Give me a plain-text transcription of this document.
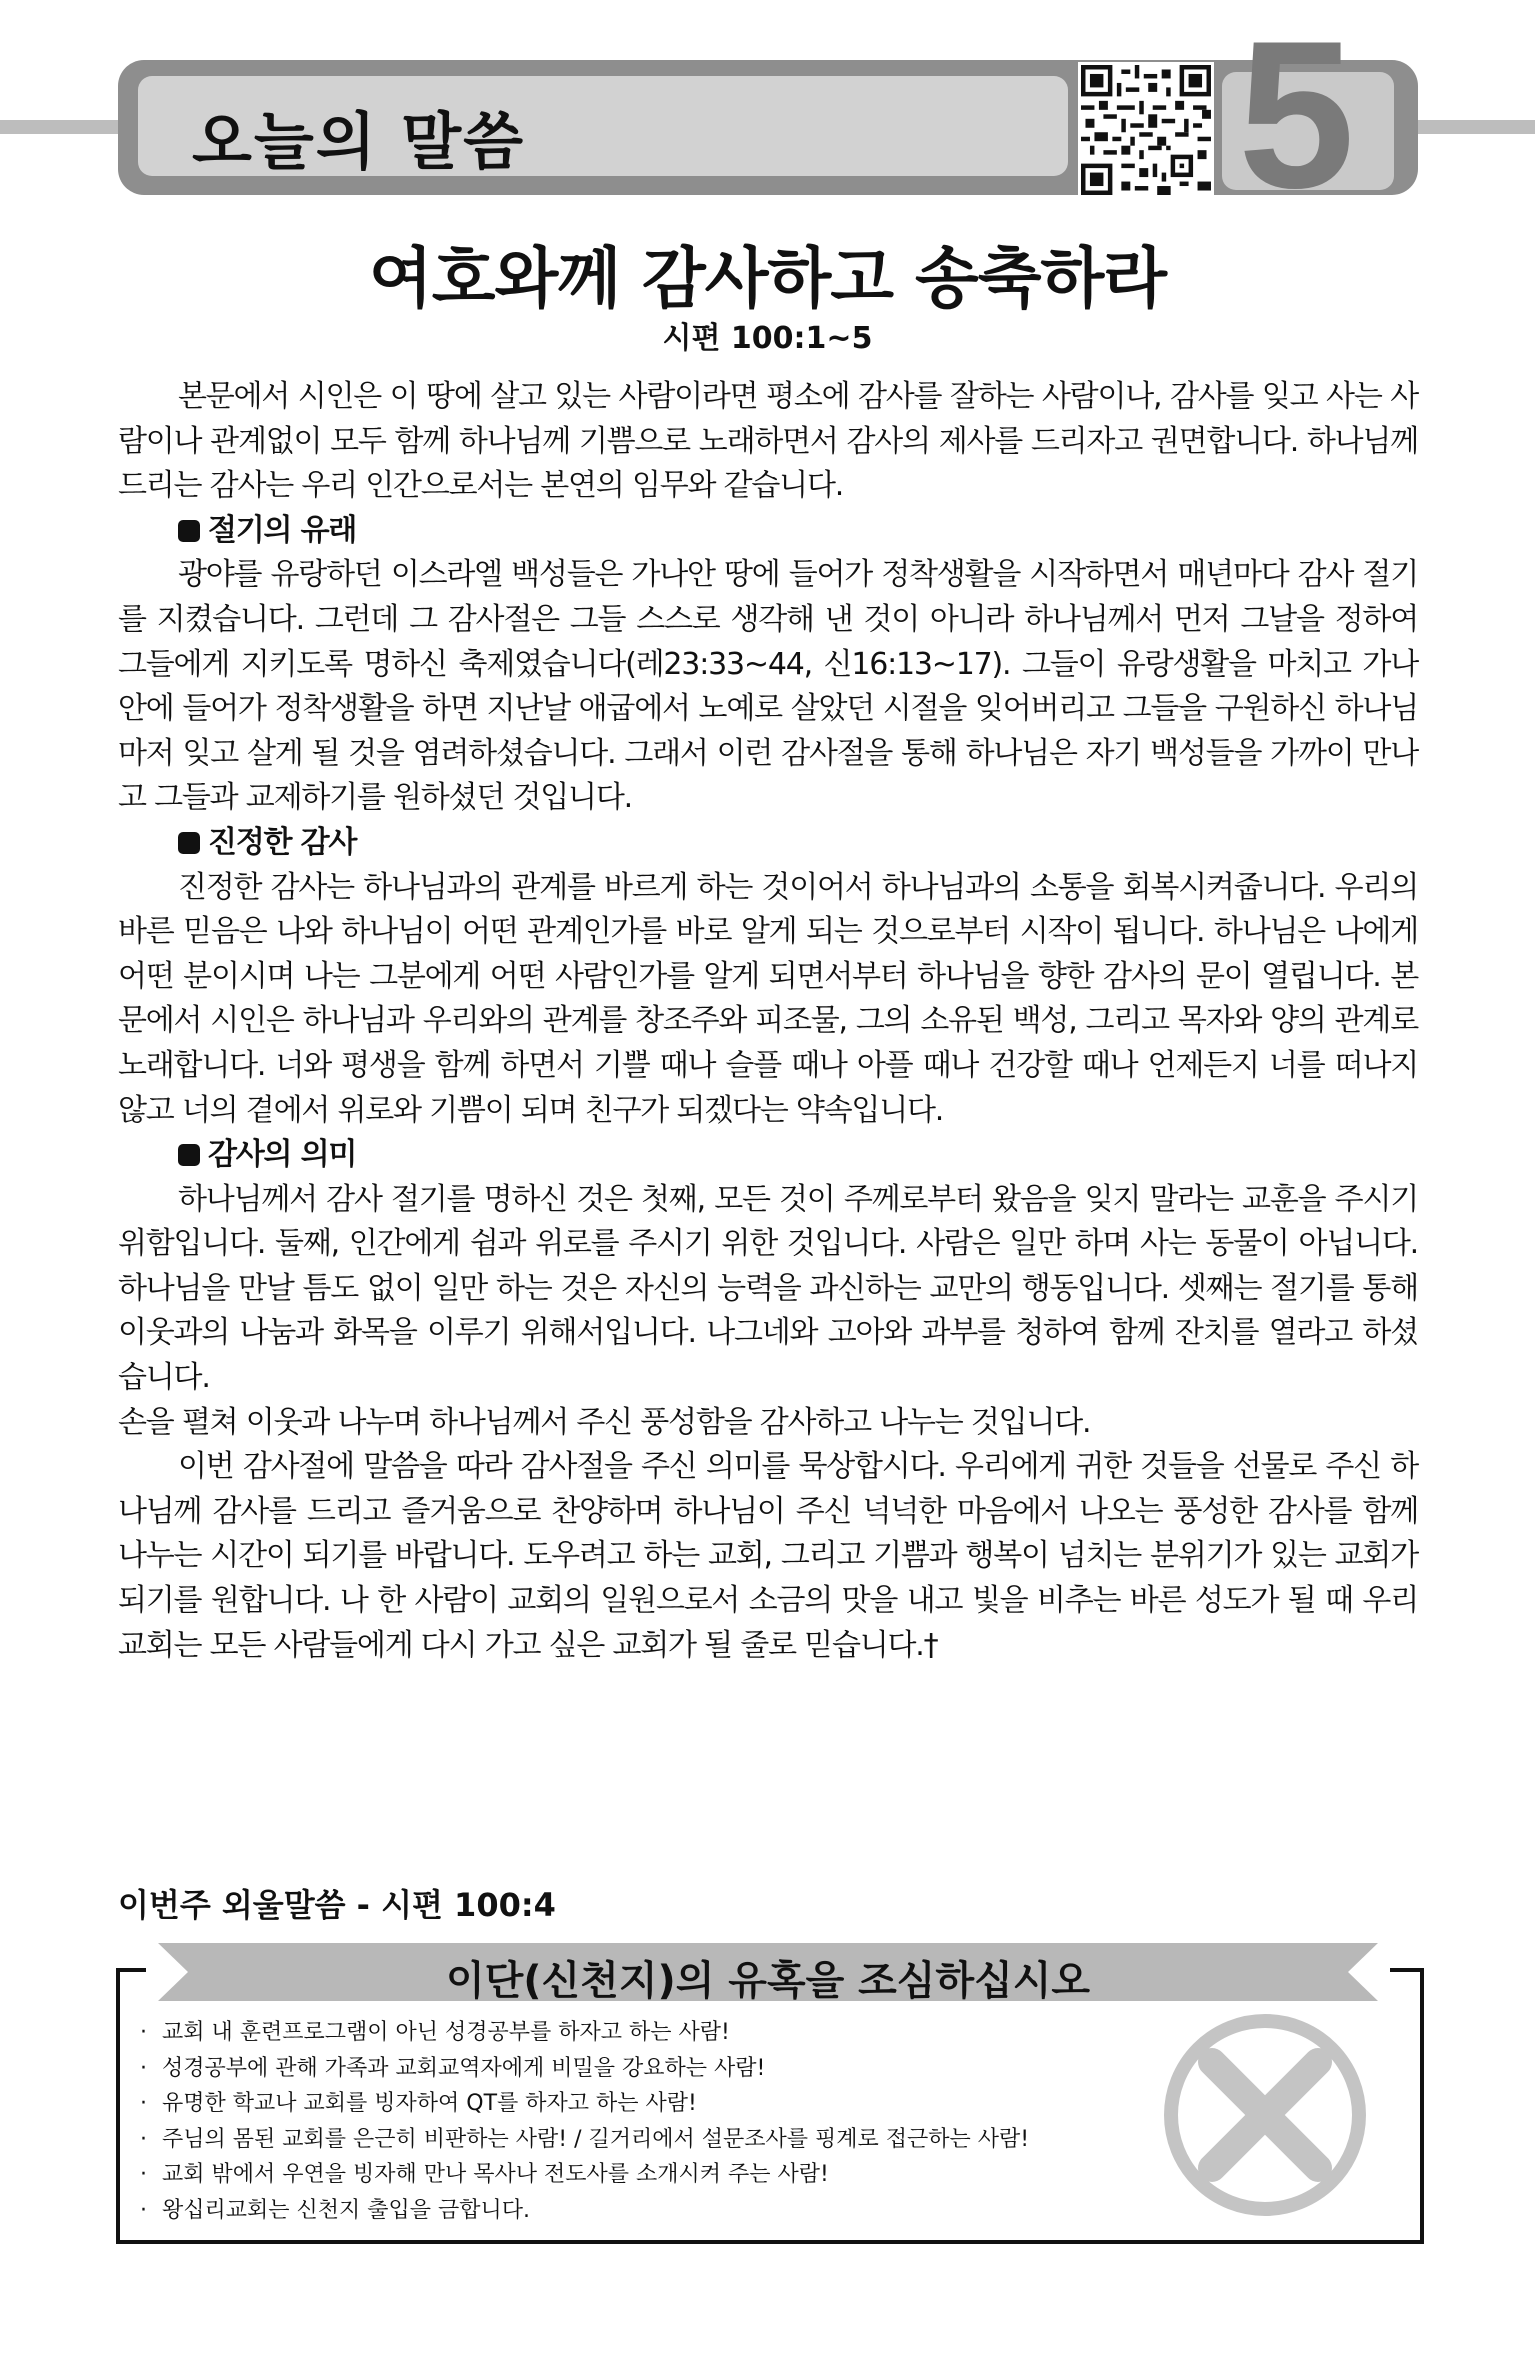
오늘의 말씀	5
여호와께 감사하고 송축하라
시편 100:1~5

본문에서 시인은 이 땅에 살고 있는 사람이라면 평소에 감사를 잘하는 사람이나, 감사를 잊고 사는 사람이나 관계없이 모두 함께 하나님께 기쁨으로 노래하면서 감사의 제사를 드리자고 권면합니다. 하나님께 드리는 감사는 우리 인간으로서는 본연의 임무와 같습니다.

절기의 유래

광야를 유랑하던 이스라엘 백성들은 가나안 땅에 들어가 정착생활을 시작하면서 매년마다 감사 절기를 지켰습니다. 그런데 그 감사절은 그들 스스로 생각해 낸 것이 아니라 하나님께서 먼저 그날을 정하여 그들에게 지키도록 명하신 축제였습니다(레23:33~44, 신16:13~17). 그들이 유랑생활을 마치고 가나안에 들어가 정착생활을 하면 지난날 애굽에서 노예로 살았던 시절을 잊어버리고 그들을 구원하신 하나님마저 잊고 살게 될 것을 염려하셨습니다. 그래서 이런 감사절을 통해 하나님은 자기 백성들을 가까이 만나고 그들과 교제하기를 원하셨던 것입니다.

진정한 감사

진정한 감사는 하나님과의 관계를 바르게 하는 것이어서 하나님과의 소통을 회복시켜줍니다. 우리의 바른 믿음은 나와 하나님이 어떤 관계인가를 바로 알게 되는 것으로부터 시작이 됩니다. 하나님은 나에게 어떤 분이시며 나는 그분에게 어떤 사람인가를 알게 되면서부터 하나님을 향한 감사의 문이 열립니다. 본문에서 시인은 하나님과 우리와의 관계를 창조주와 피조물, 그의 소유된 백성, 그리고 목자와 양의 관계로 노래합니다. 너와 평생을 함께 하면서 기쁠 때나 슬플 때나 아플 때나 건강할 때나 언제든지 너를 떠나지 않고 너의 곁에서 위로와 기쁨이 되며 친구가 되겠다는 약속입니다.

감사의 의미

하나님께서 감사 절기를 명하신 것은 첫째, 모든 것이 주께로부터 왔음을 잊지 말라는 교훈을 주시기 위함입니다. 둘째, 인간에게 쉼과 위로를 주시기 위한 것입니다. 사람은 일만 하며 사는 동물이 아닙니다. 하나님을 만날 틈도 없이 일만 하는 것은 자신의 능력을 과신하는 교만의 행동입니다. 셋째는 절기를 통해 이웃과의 나눔과 화목을 이루기 위해서입니다. 나그네와 고아와 과부를 청하여 함께 잔치를 열라고 하셨습니다.

손을 펼쳐 이웃과 나누며 하나님께서 주신 풍성함을 감사하고 나누는 것입니다.

이번 감사절에 말씀을 따라 감사절을 주신 의미를 묵상합시다. 우리에게 귀한 것들을 선물로 주신 하나님께 감사를 드리고 즐거움으로 찬양하며 하나님이 주신 넉넉한 마음에서 나오는 풍성한 감사를 함께 나누는 시간이 되기를 바랍니다. 도우려고 하는 교회, 그리고 기쁨과 행복이 넘치는 분위기가 있는 교회가 되기를 원합니다. 나 한 사람이 교회의 일원으로서 소금의 맛을 내고 빛을 비추는 바른 성도가 될 때 우리 교회는 모든 사람들에게 다시 가고 싶은 교회가 될 줄로 믿습니다.†

이번주 외울말씀 - 시편 100:4
이단(신천지)의 유혹을 조심하십시오
· 교회 내 훈련프로그램이 아닌 성경공부를 하자고 하는 사람!
· 성경공부에 관해 가족과 교회교역자에게 비밀을 강요하는 사람!
· 유명한 학교나 교회를 빙자하여 QT를 하자고 하는 사람!
· 주님의 몸된 교회를 은근히 비판하는 사람! / 길거리에서 설문조사를 핑계로 접근하는 사람!
· 교회 밖에서 우연을 빙자해 만나 목사나 전도사를 소개시켜 주는 사람!
· 왕십리교회는 신천지 출입을 금합니다.
